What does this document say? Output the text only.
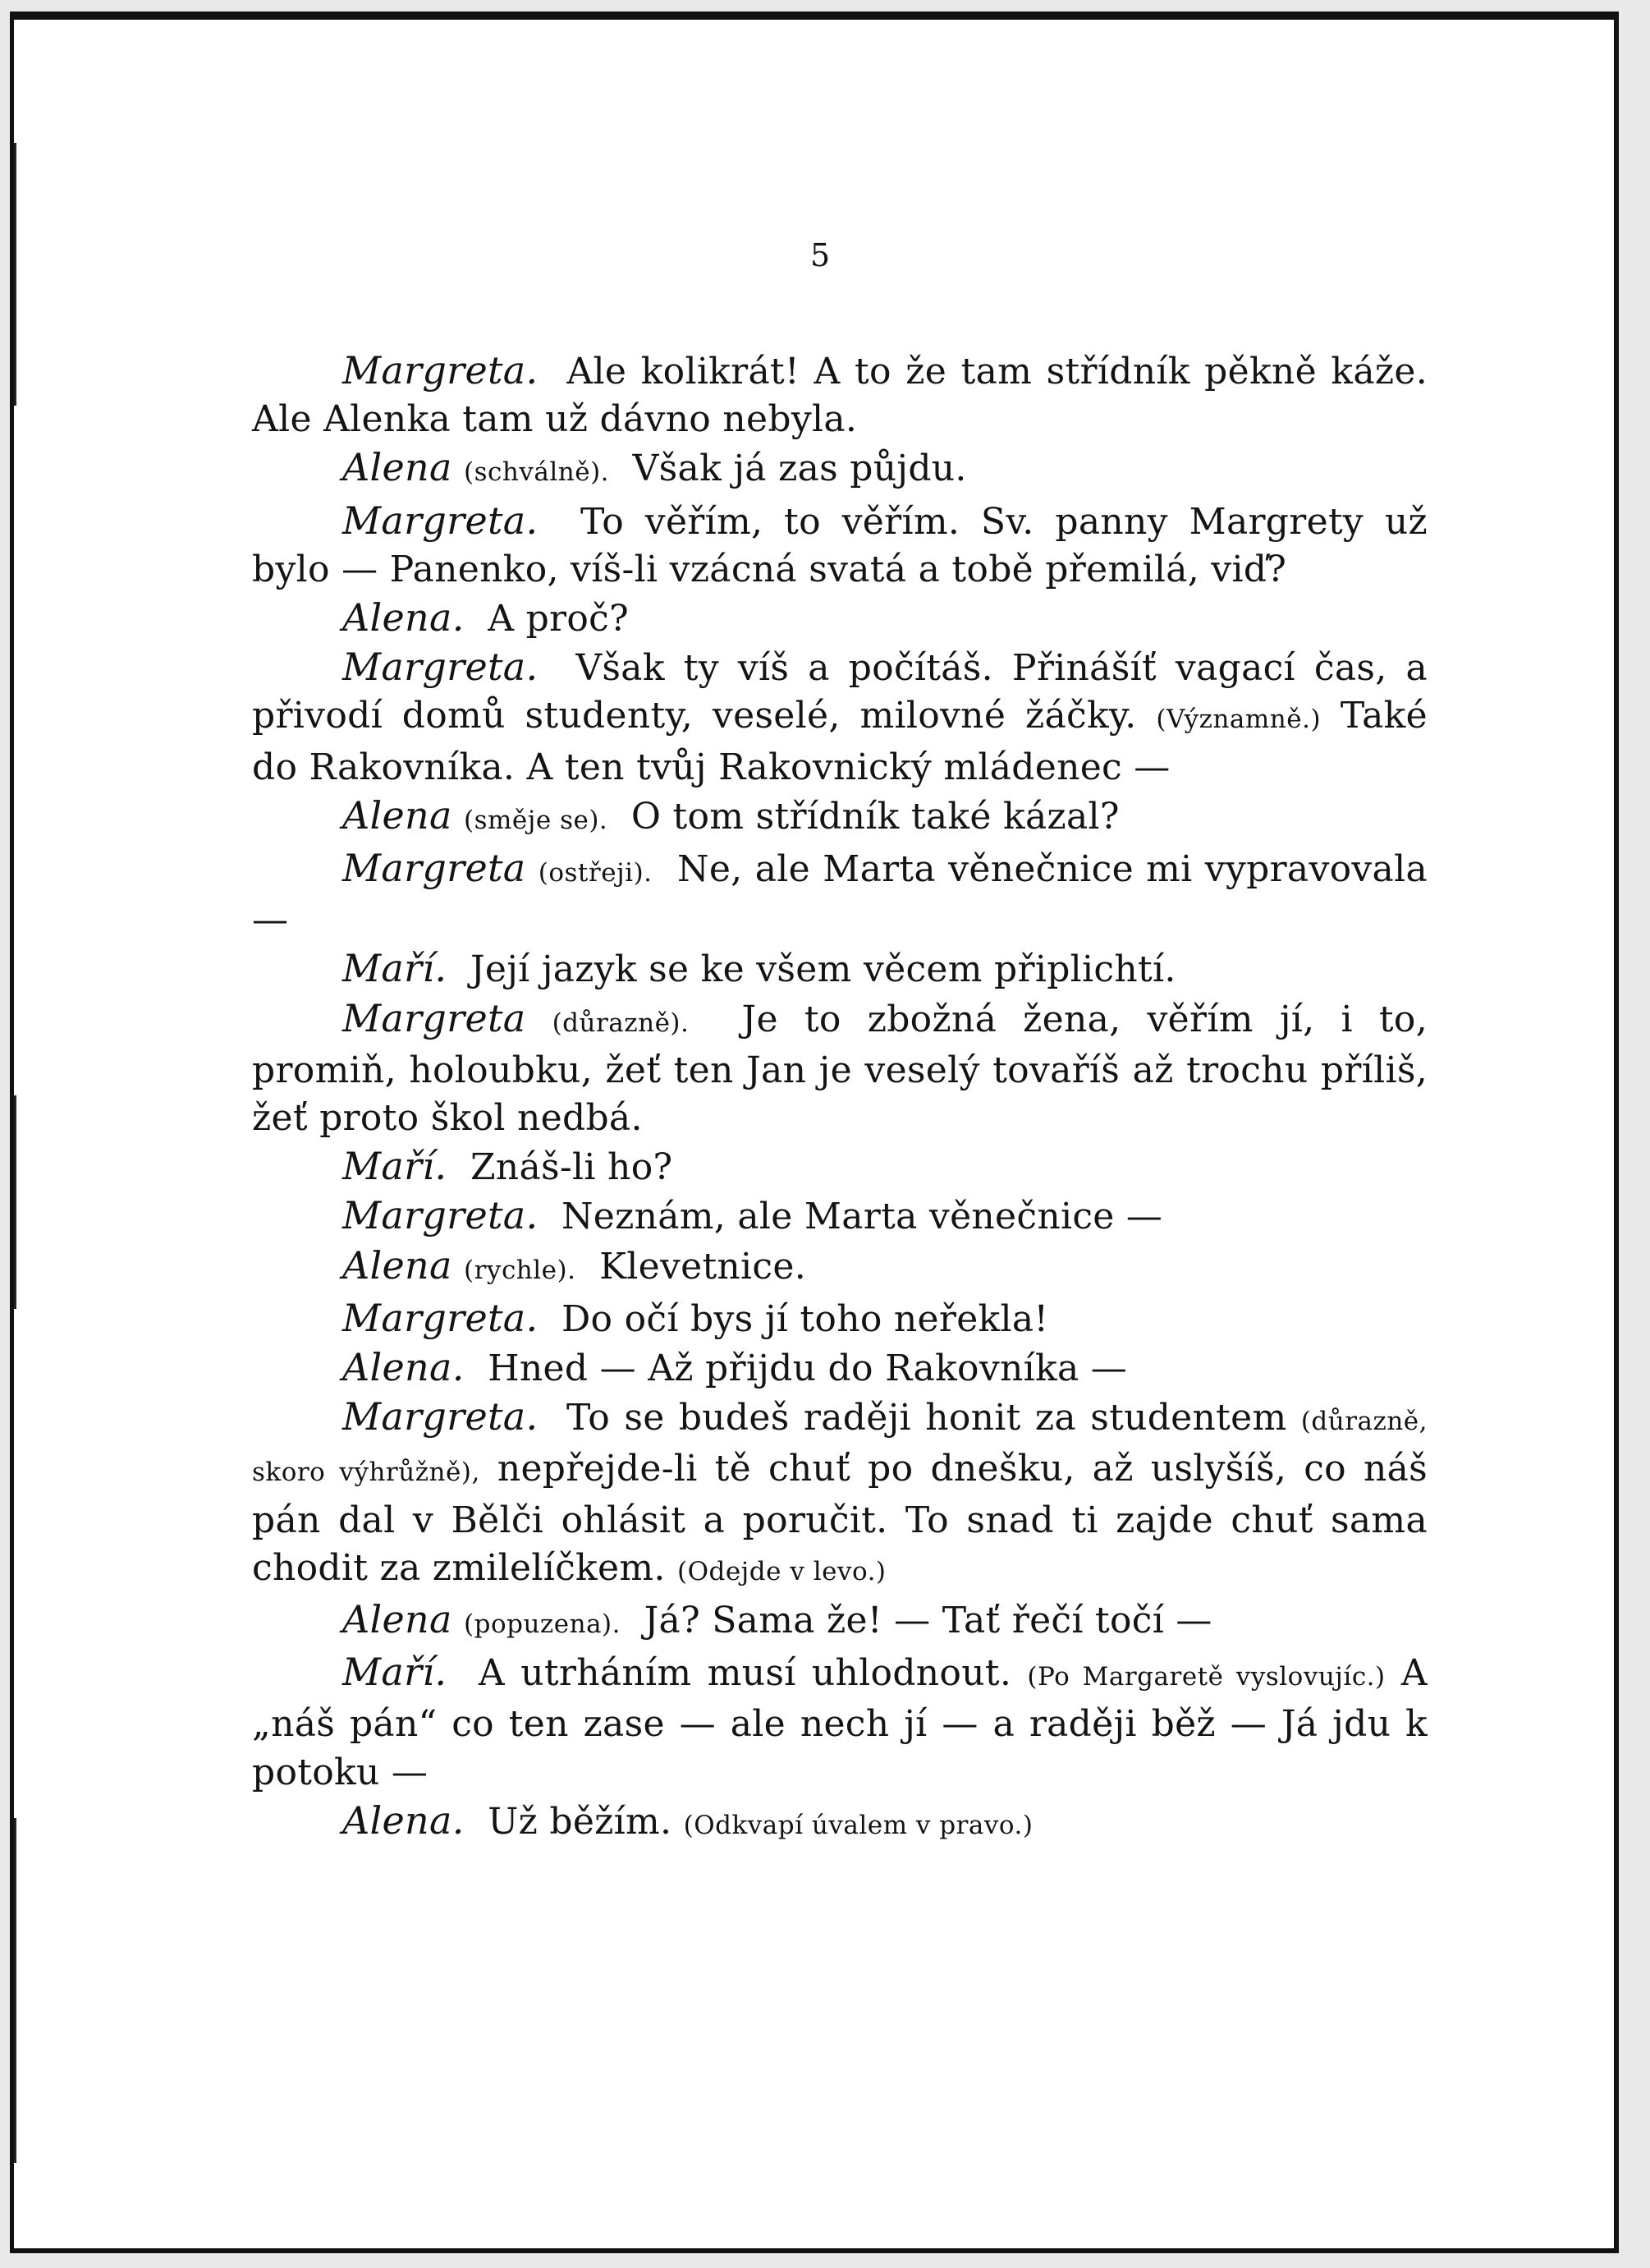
5

Margreta. Ale kolikrát! A to že tam střídník pěkně káže. Ale Alenka tam už dávno nebyla.

Alena (schválně). Však já zas půjdu.

Margreta. To věřím, to věřím. Sv. panny Margrety už bylo — Panenko, víš-li vzácná svatá a tobě přemilá, viď?

Alena. A proč?

Margreta. Však ty víš a počítáš. Přinášíť vagací čas, a přivodí domů studenty, veselé, milovné žáčky. (Významně.) Také do Rakovníka. A ten tvůj Rakovnický mládenec —

Alena (směje se). O tom střídník také kázal?

Margreta (ostřeji). Ne, ale Marta věnečnice mi vypravovala —

Maří. Její jazyk se ke všem věcem připlichtí.

Margreta (důrazně). Je to zbožná žena, věřím jí, i to, promiň, holoubku, žeť ten Jan je veselý tovaříš až trochu příliš, žeť proto škol nedbá.

Maří. Znáš-li ho?

Margreta. Neznám, ale Marta věnečnice —

Alena (rychle). Klevetnice.

Margreta. Do očí bys jí toho neřekla!

Alena. Hned — Až přijdu do Rakovníka —

Margreta. To se budeš raději honit za studentem (důrazně, skoro výhrůžně), nepřejde-li tě chuť po dnešku, až uslyšíš, co náš pán dal v Bělči ohlásit a poručit. To snad ti zajde chuť sama chodit za zmilelíčkem. (Odejde v levo.)

Alena (popuzena). Já? Sama že! — Tať řečí točí —

Maří. A utrháním musí uhlodnout. (Po Margaretě vyslovujíc.) A „náš pán“ co ten zase — ale nech jí — a raději běž — Já jdu k potoku —

Alena. Už běžím. (Odkvapí úvalem v pravo.)
